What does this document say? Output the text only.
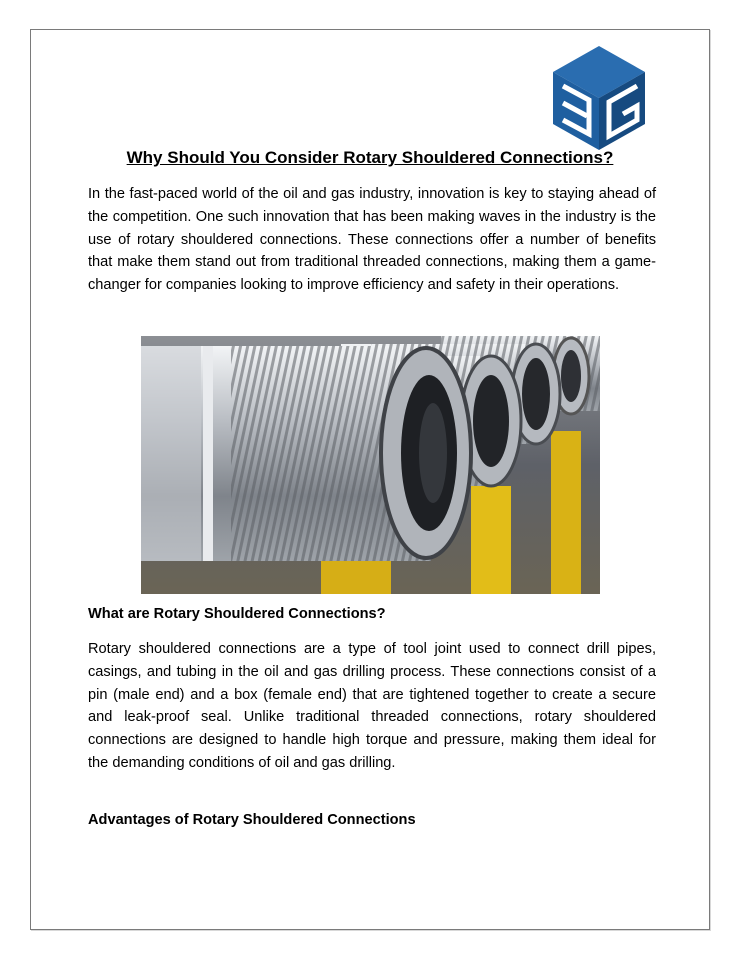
Why Should You Consider Rotary Shouldered Connections?

In the fast-paced world of the oil and gas industry, innovation is key to staying ahead of the competition. One such innovation that has been making waves in the industry is the use of rotary shouldered connections. These connections offer a number of benefits that make them stand out from traditional threaded connections, making them a game-changer for companies looking to improve efficiency and safety in their operations.

What are Rotary Shouldered Connections?

Rotary shouldered connections are a type of tool joint used to connect drill pipes, casings, and tubing in the oil and gas drilling process. These connections consist of a pin (male end) and a box (female end) that are tightened together to create a secure and leak-proof seal. Unlike traditional threaded connections, rotary shouldered connections are designed to handle high torque and pressure, making them ideal for the demanding conditions of oil and gas drilling.

Advantages of Rotary Shouldered Connections
